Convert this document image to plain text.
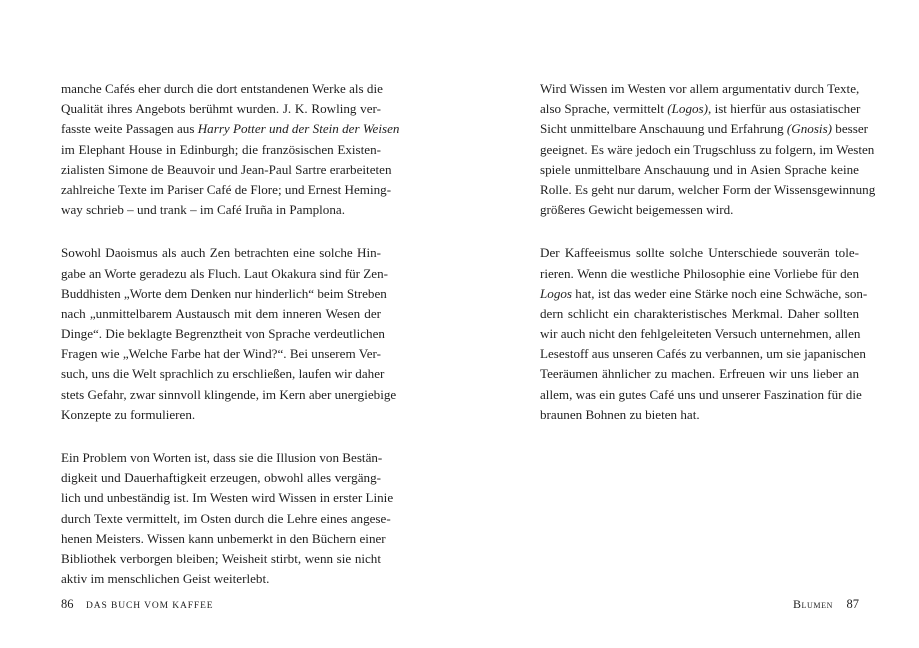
manche Cafés eher durch die dort entstandenen Werke als die
Qualität ihres Angebots berühmt wurden. J. K. Rowling ver-
fasste weite Passagen aus Harry Potter und der Stein der Weisen
im Elephant House in Edinburgh; die französischen Existen-
zialisten Simone de Beauvoir und Jean-Paul Sartre erarbeiteten
zahlreiche Texte im Pariser Café de Flore; und Ernest Heming-
way schrieb – und trank – im Café Iruña in Pamplona.
Sowohl Daoismus als auch Zen betrachten eine solche Hin-
gabe an Worte geradezu als Fluch. Laut Okakura sind für Zen-
Buddhisten „Worte dem Denken nur hinderlich“ beim Streben
nach „unmittelbarem Austausch mit dem inneren Wesen der
Dinge“. Die beklagte Begrenztheit von Sprache verdeutlichen
Fragen wie „Welche Farbe hat der Wind?“. Bei unserem Ver-
such, uns die Welt sprachlich zu erschließen, laufen wir daher
stets Gefahr, zwar sinnvoll klingende, im Kern aber unergiebige
Konzepte zu formulieren.
Ein Problem von Worten ist, dass sie die Illusion von Bestän-
digkeit und Dauerhaftigkeit erzeugen, obwohl alles vergäng-
lich und unbeständig ist. Im Westen wird Wissen in erster Linie
durch Texte vermittelt, im Osten durch die Lehre eines angese-
henen Meisters. Wissen kann unbemerkt in den Büchern einer
Bibliothek verborgen bleiben; Weisheit stirbt, wenn sie nicht
aktiv im menschlichen Geist weiterlebt.
86 DAS BUCH VOM KAFFEE
Wird Wissen im Westen vor allem argumentativ durch Texte,
also Sprache, vermittelt (Logos), ist hierfür aus ostasiatischer
Sicht unmittelbare Anschauung und Erfahrung (Gnosis) besser
geeignet. Es wäre jedoch ein Trugschluss zu folgern, im Westen
spiele unmittelbare Anschauung und in Asien Sprache keine
Rolle. Es geht nur darum, welcher Form der Wissensgewinnung
größeres Gewicht beigemessen wird.
Der Kaffeeismus sollte solche Unterschiede souverän tole-
rieren. Wenn die westliche Philosophie eine Vorliebe für den
Logos hat, ist das weder eine Stärke noch eine Schwäche, son-
dern schlicht ein charakteristisches Merkmal. Daher sollten
wir auch nicht den fehlgeleiteten Versuch unternehmen, allen
Lesestoff aus unseren Cafés zu verbannen, um sie japanischen
Teeräumen ähnlicher zu machen. Erfreuen wir uns lieber an
allem, was ein gutes Café uns und unserer Faszination für die
braunen Bohnen zu bieten hat.
Blumen 87
